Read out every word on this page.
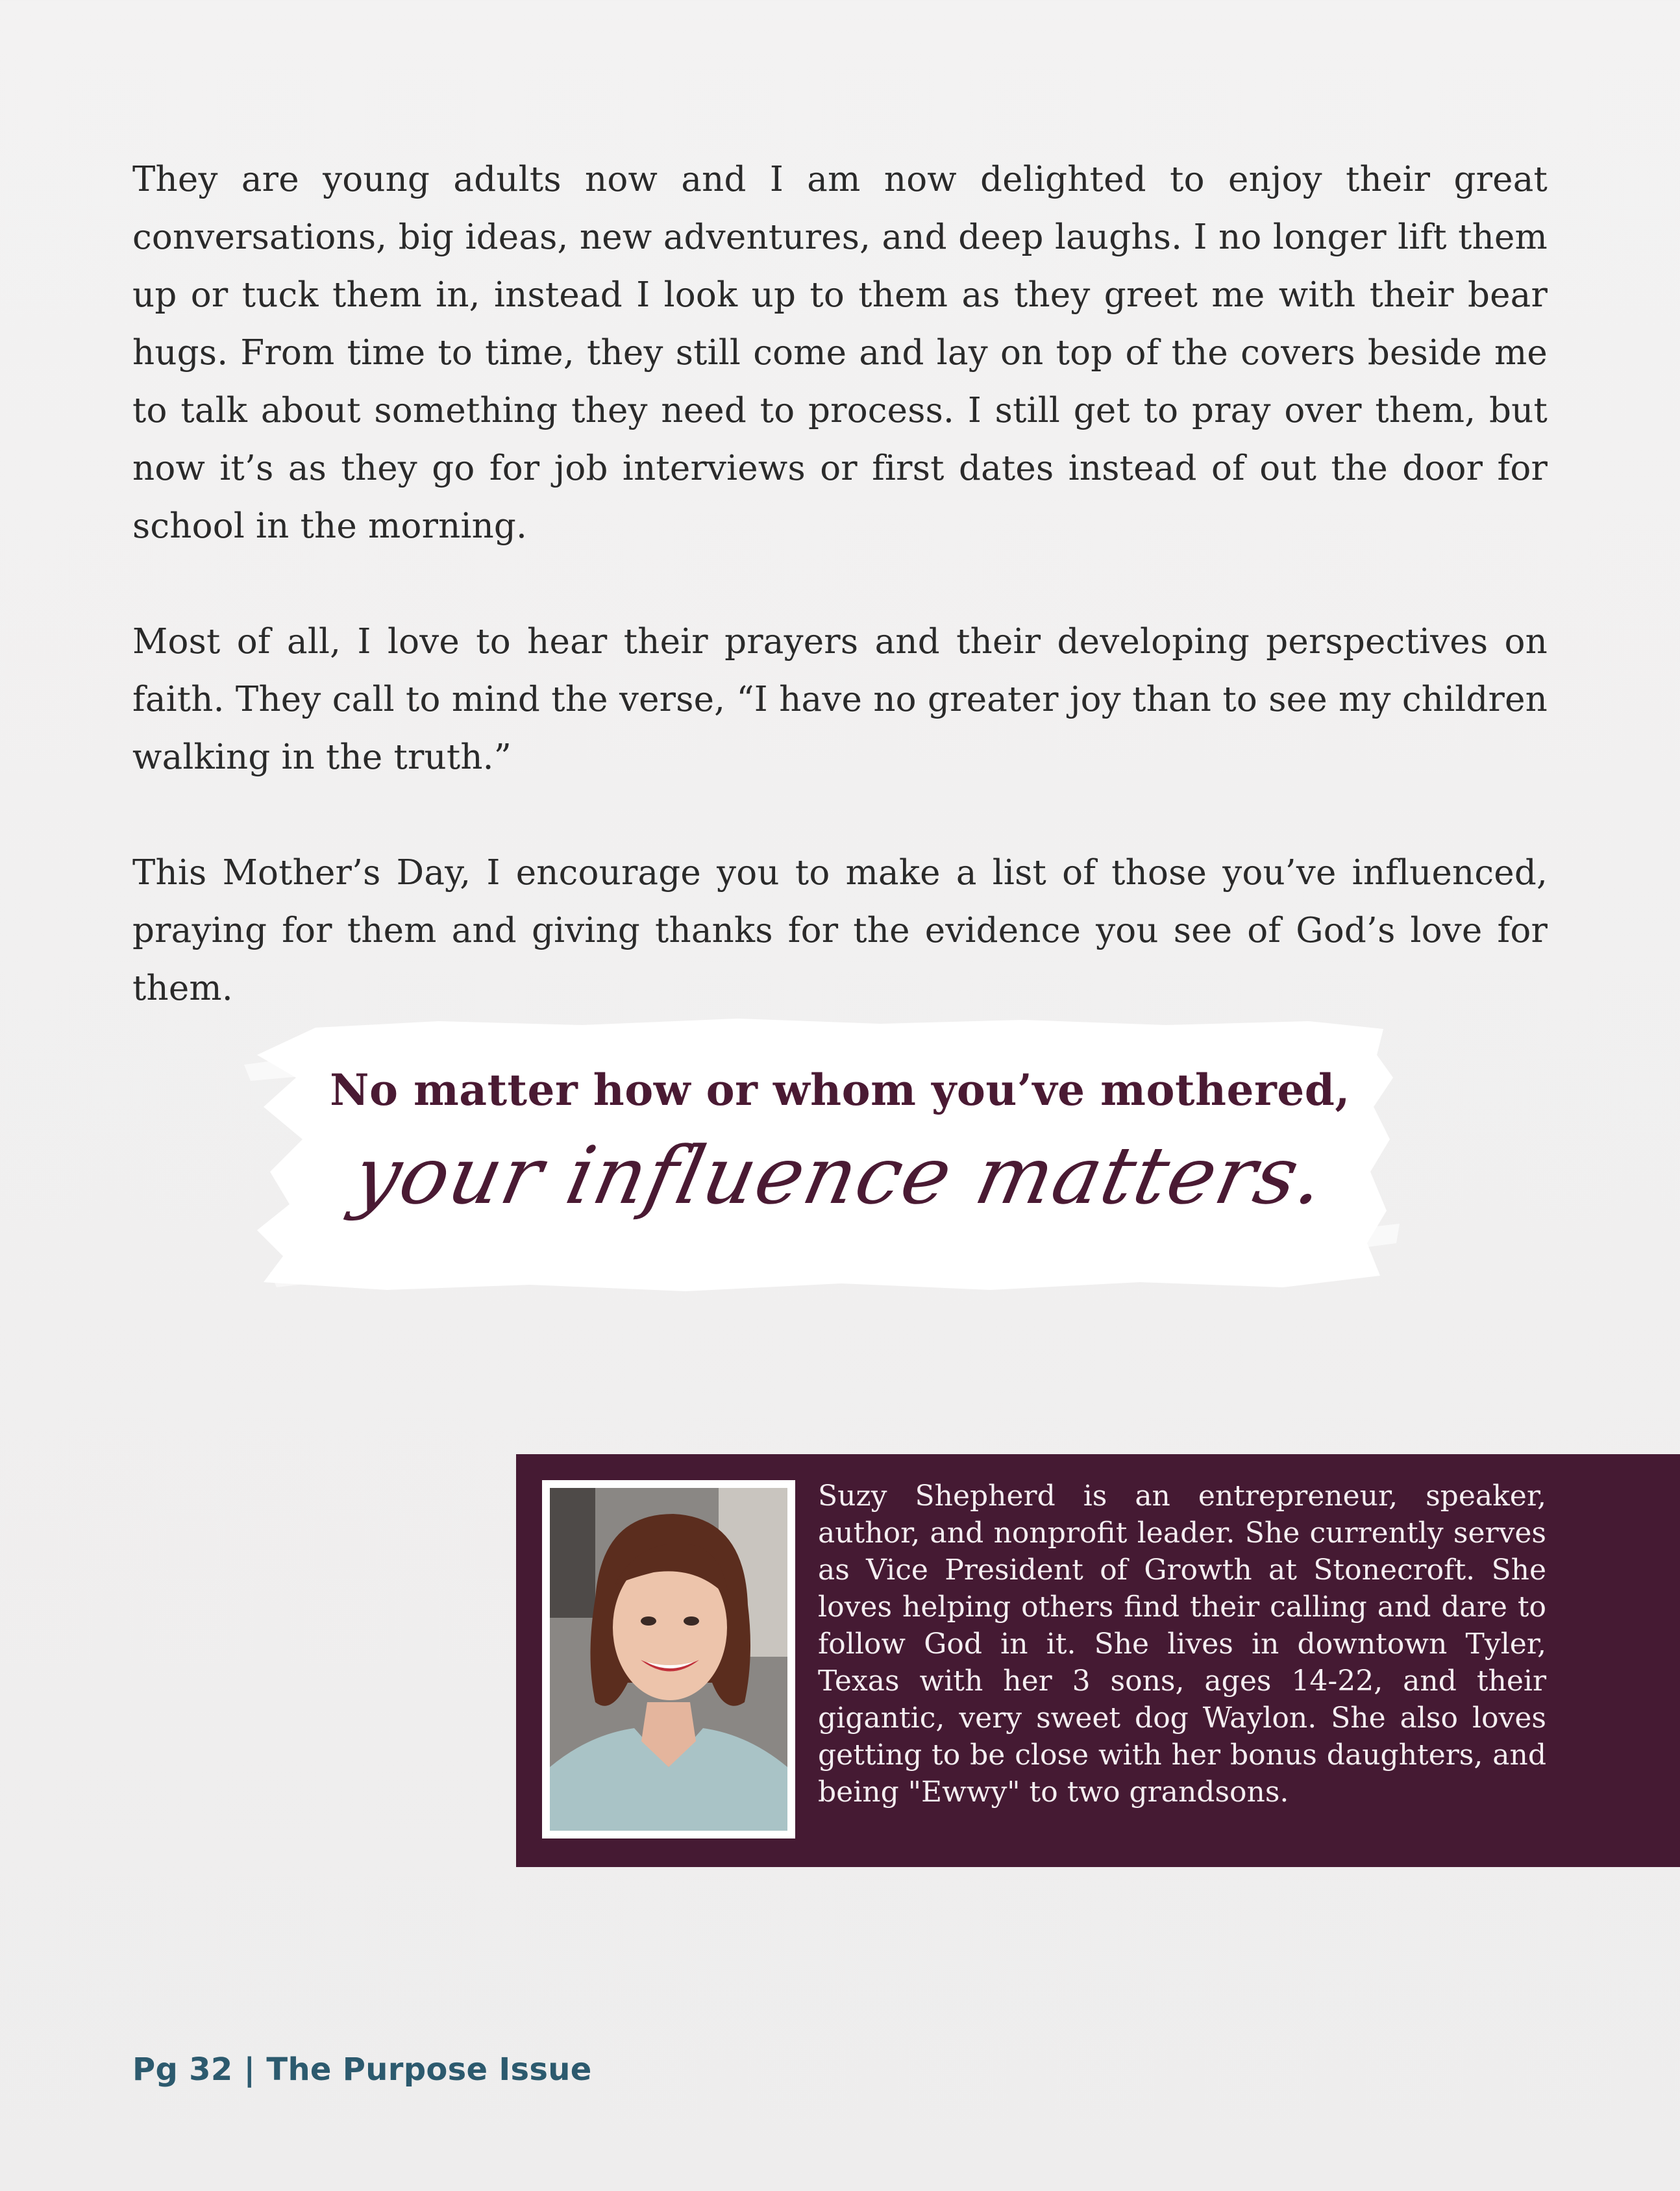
They are young adults now and I am now delighted to enjoy their great conversations, big ideas, new adventures, and deep laughs. I no longer lift them up or tuck them in, instead I look up to them as they greet me with their bear hugs. From time to time, they still come and lay on top of the covers beside me to talk about something they need to process. I still get to pray over them, but now it’s as they go for job interviews or first dates instead of out the door for school in the morning.

Most of all, I love to hear their prayers and their developing perspectives on faith. They call to mind the verse, “I have no greater joy than to see my children walking in the truth.”

This Mother’s Day, I encourage you to make a list of those you’ve influenced, praying for them and giving thanks for the evidence you see of God’s love for them.

No matter how or whom you’ve mothered,
your influence matters.
Suzy Shepherd is an entrepreneur, speaker, author, and nonprofit leader. She currently serves as Vice President of Growth at Stonecroft. She loves helping others find their calling and dare to follow God in it. She lives in downtown Tyler, Texas with her 3 sons, ages 14-22, and their gigantic, very sweet dog Waylon. She also loves getting to be close with her bonus daughters, and being "Ewwy" to two grandsons.
Pg 32 | The Purpose Issue
